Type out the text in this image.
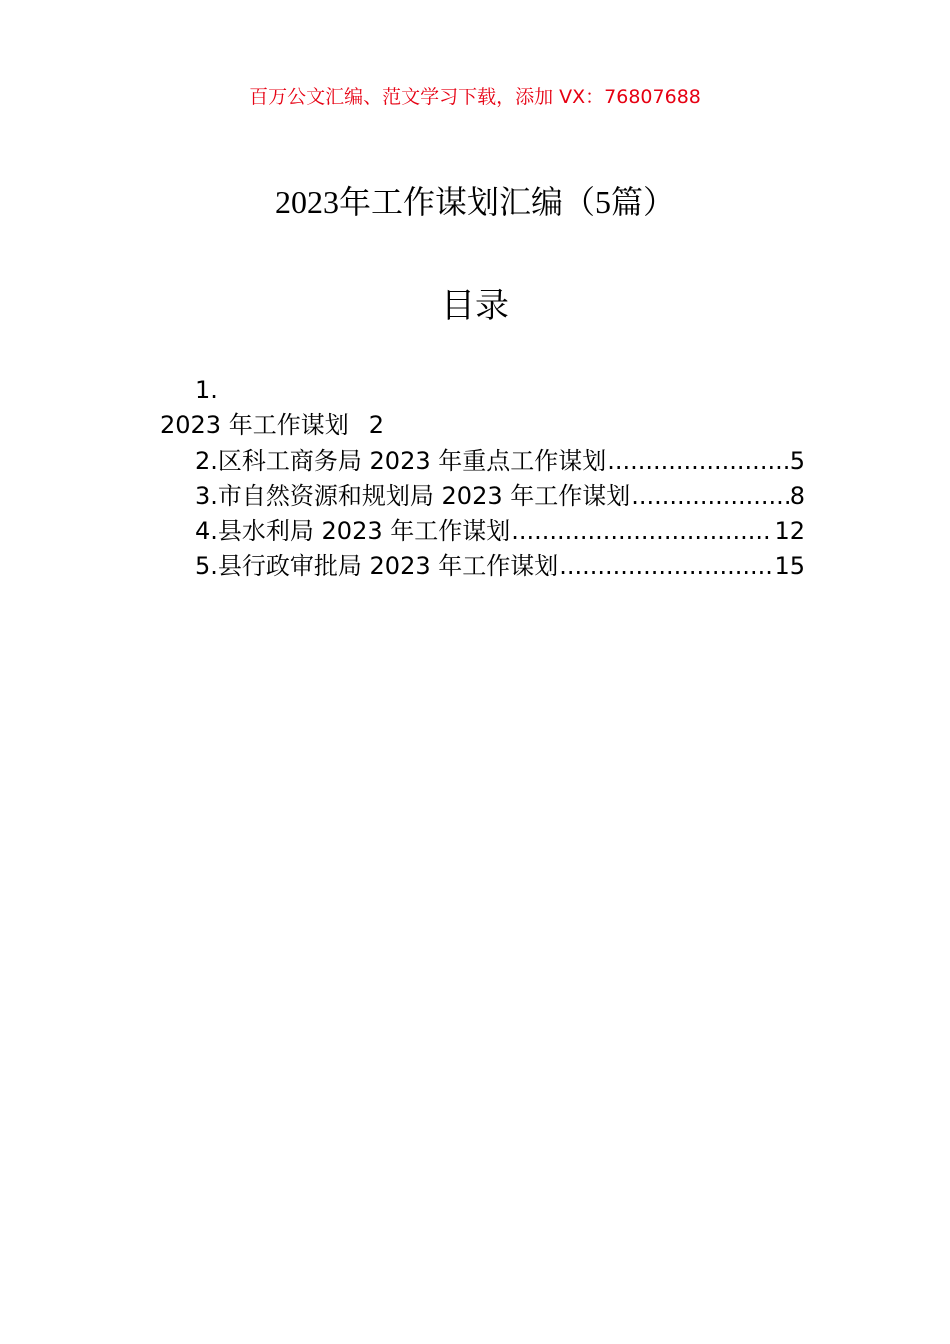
百万公文汇编、范文学习下载，添加 VX：76807688
2023年工作谋划汇编（5篇）
目录
1.
2023 年工作谋划 2
2.区科工商务局 2023 年重点工作谋划 .....	5
3.市自然资源和规划局 2023 年工作谋划 .....	8
4.县水利局 2023 年工作谋划 .....	12
5.县行政审批局 2023 年工作谋划 .....	15
